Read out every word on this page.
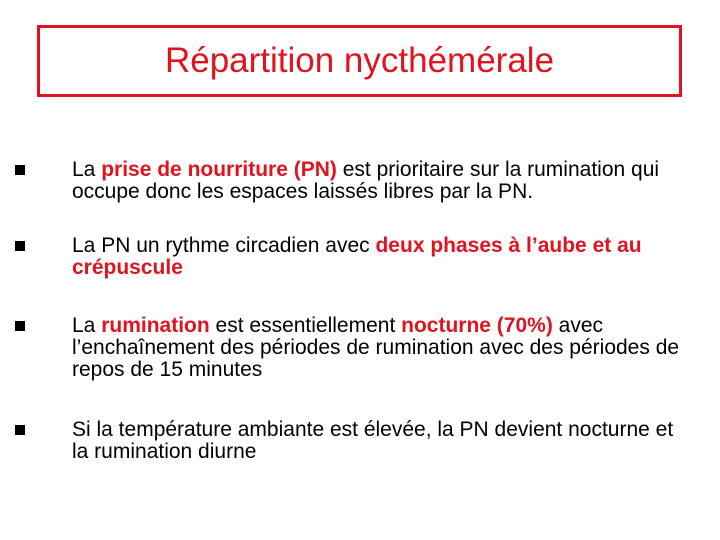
Répartition nycthémérale
La prise de nourriture (PN) est prioritaire sur la rumination qui occupe donc les espaces laissés libres par la PN.
La PN un rythme circadien avec deux phases à l’aube et au crépuscule
La rumination est essentiellement nocturne (70%) avec l’enchaînement des périodes de rumination avec des périodes de repos de 15 minutes
Si la température ambiante est élevée, la PN devient nocturne et la rumination diurne
